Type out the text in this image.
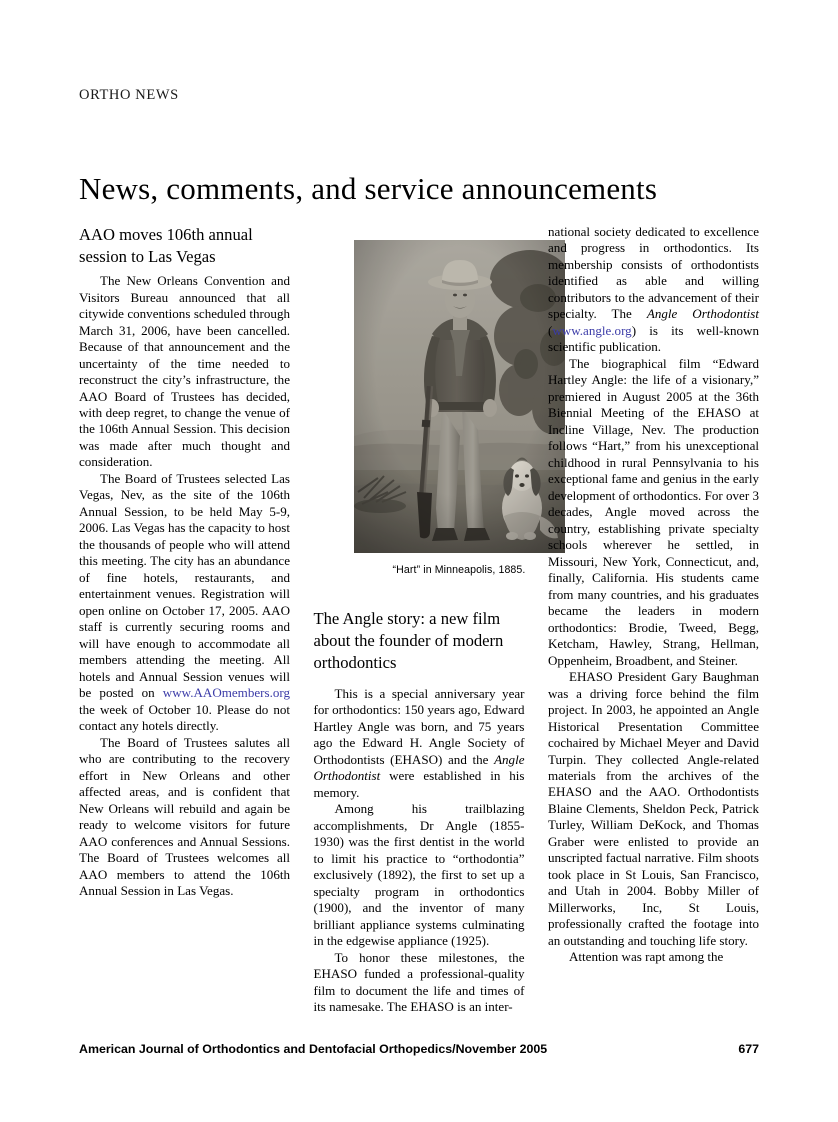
ORTHO NEWS
News, comments, and service announcements
AAO moves 106th annual session to Las Vegas

The New Orleans Convention and Visitors Bureau announced that all citywide conventions scheduled through March 31, 2006, have been cancelled. Because of that announcement and the uncertainty of the time needed to reconstruct the city’s infrastructure, the AAO Board of Trustees has decided, with deep regret, to change the venue of the 106th Annual Session. This decision was made after much thought and consideration.

The Board of Trustees selected Las Vegas, Nev, as the site of the 106th Annual Session, to be held May 5-9, 2006. Las Vegas has the capacity to host the thousands of people who will attend this meeting. The city has an abundance of fine hotels, restaurants, and entertainment venues. Registration will open online on October 17, 2005. AAO staff is currently securing rooms and will have enough to accommodate all members attending the meeting. All hotels and Annual Session venues will be posted on www.AAOmembers.org the week of October 10. Please do not contact any hotels directly.

The Board of Trustees salutes all who are contributing to the recovery effort in New Orleans and other affected areas, and is confident that New Orleans will rebuild and again be ready to welcome visitors for future AAO conferences and Annual Sessions. The Board of Trustees welcomes all AAO members to attend the 106th Annual Session in Las Vegas.

“Hart” in Minneapolis, 1885.
The Angle story: a new film about the founder of modern orthodontics

This is a special anniversary year for orthodontics: 150 years ago, Edward Hartley Angle was born, and 75 years ago the Edward H. Angle Society of Orthodontists (EHASO) and the Angle Orthodontist were established in his memory.

Among his trailblazing accomplishments, Dr Angle (1855-1930) was the first dentist in the world to limit his practice to “orthodontia” exclusively (1892), the first to set up a specialty program in orthodontics (1900), and the inventor of many brilliant appliance systems culminating in the edgewise appliance (1925).

To honor these milestones, the EHASO funded a professional-quality film to document the life and times of its namesake. The EHASO is an inter-

national society dedicated to excellence and progress in orthodontics. Its membership consists of orthodontists identified as able and willing contributors to the advancement of their specialty. The Angle Orthodontist (www.angle.org) is its well-known scientific publication.

The biographical film “Edward Hartley Angle: the life of a visionary,” premiered in August 2005 at the 36th Biennial Meeting of the EHASO at Incline Village, Nev. The production follows “Hart,” from his unexceptional childhood in rural Pennsylvania to his exceptional fame and genius in the early development of orthodontics. For over 3 decades, Angle moved across the country, establishing private specialty schools wherever he settled, in Missouri, New York, Connecticut, and, finally, California. His students came from many countries, and his graduates became the leaders in modern orthodontics: Brodie, Tweed, Begg, Ketcham, Hawley, Strang, Hellman, Oppenheim, Broadbent, and Steiner.

EHASO President Gary Baughman was a driving force behind the film project. In 2003, he appointed an Angle Historical Presentation Committee cochaired by Michael Meyer and David Turpin. They collected Angle-related materials from the archives of the EHASO and the AAO. Orthodontists Blaine Clements, Sheldon Peck, Patrick Turley, William DeKock, and Thomas Graber were enlisted to provide an unscripted factual narrative. Film shoots took place in St Louis, San Francisco, and Utah in 2004. Bobby Miller of Millerworks, Inc, St Louis, professionally crafted the footage into an outstanding and touching life story.

Attention was rapt among the

American Journal of Orthodontics and Dentofacial Orthopedics/November 2005	677
